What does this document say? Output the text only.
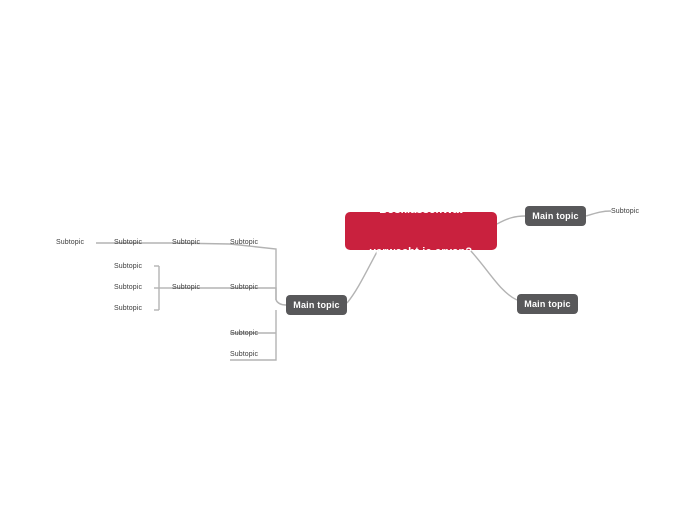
BosklassenWat

verwacht je ervan?

Main topic
Main topic
Main topic
Subtopic
Subtopic	Subtopic	Subtopic	Subtopic
Subtopic
Subtopic	Subtopic	Subtopic
Subtopic
Subtopic
Subtopic
